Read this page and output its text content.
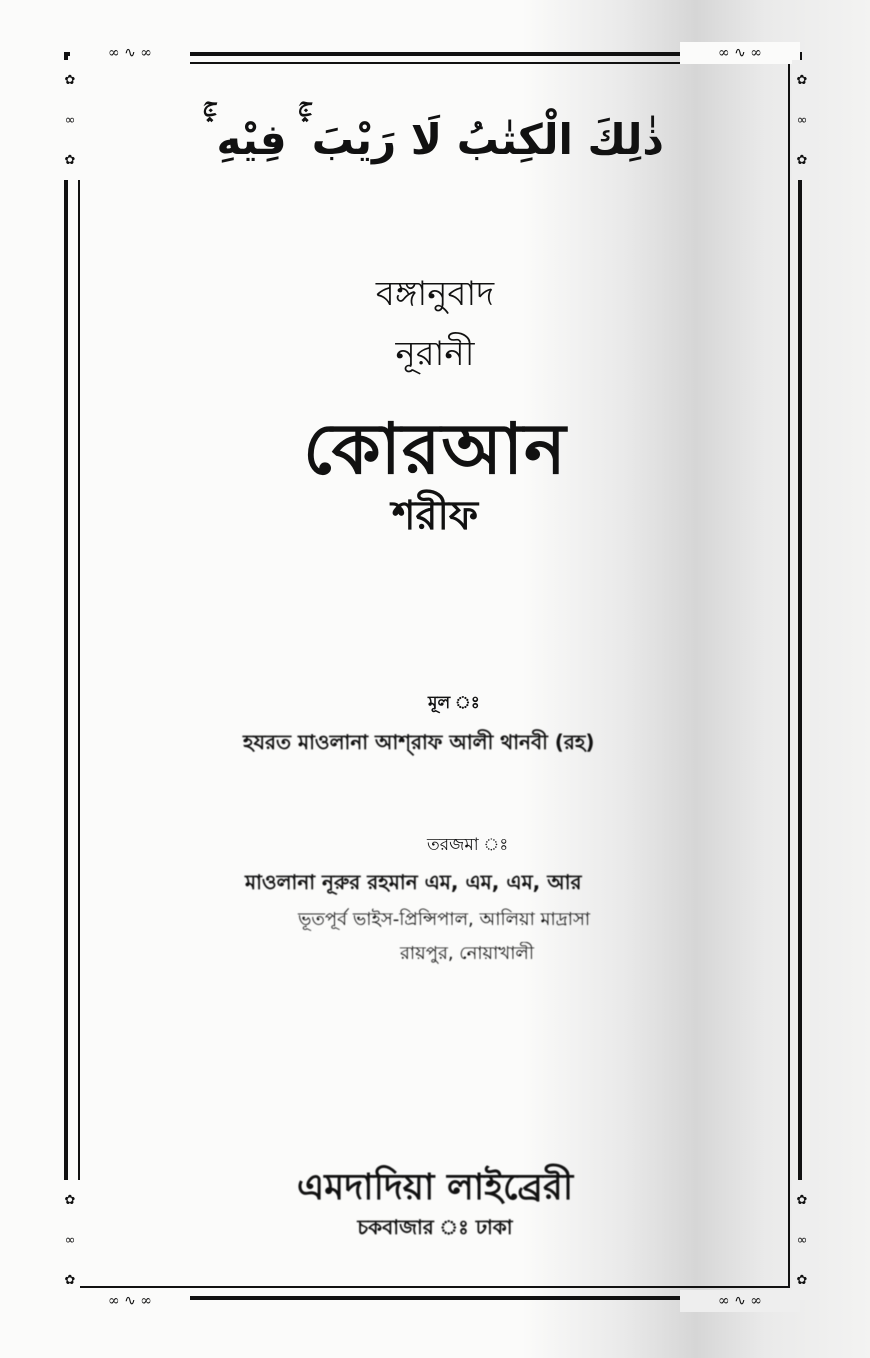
∞ ∿ ∞	∞ ∿ ∞
∞ ∿ ∞	∞ ∿ ∞
✿
∞
✿
✿
∞
✿
✿
∞
✿
✿
∞
✿
ذٰلِكَ الْكِتٰبُ لَا رَيْبَ ۛۚ فِيْهِ ۛۚ
বঙ্গানুবাদ
নূরানী
কোরআন
শরীফ
মূল ঃ
হযরত মাওলানা আশ্‌রাফ আলী থানবী (রহ)
তরজমা ঃ
মাওলানা নূরুর রহমান এম, এম, এম, আর
ভূতপূর্ব ভাইস-প্রিন্সিপাল, আলিয়া মাদ্রাসা
রায়পুর, নোয়াখালী
এমদাদিয়া লাইব্রেরী
চকবাজার ঃ ঢাকা
